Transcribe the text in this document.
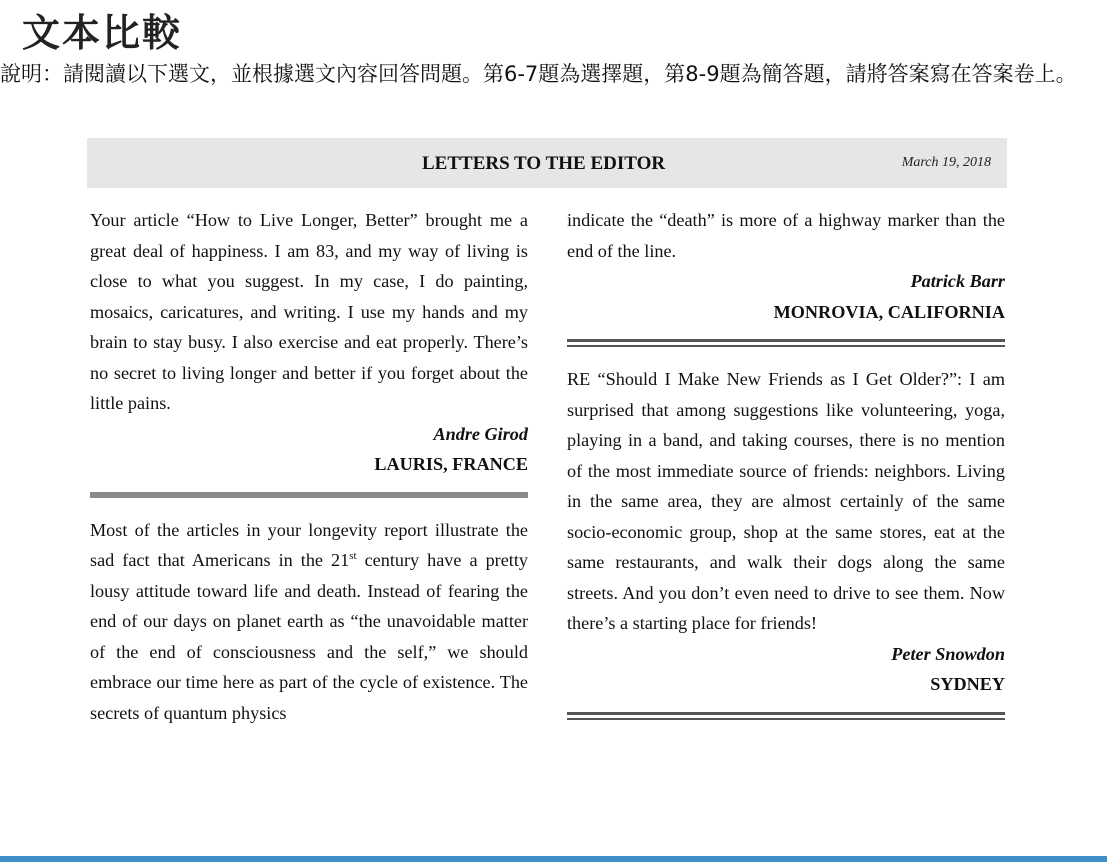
文本比較
說明：請閱讀以下選文，並根據選文內容回答問題。第6-7題為選擇題，第8-9題為簡答題，請將答案寫在答案卷上。
LETTERS TO THE EDITOR	March 19, 2018

Your article “How to Live Longer, Better” brought me a great deal of happiness. I am 83, and my way of living is close to what you suggest. In my case, I do painting, mosaics, caricatures, and writing. I use my hands and my brain to stay busy. I also exercise and eat properly. There’s no secret to living longer and better if you forget about the little pains.

Andre Girod
LAURIS, FRANCE

Most of the articles in your longevity report illustrate the sad fact that Americans in the 21st century have a pretty lousy attitude toward life and death. Instead of fearing the end of our days on planet earth as “the unavoidable matter of the end of consciousness and the self,” we should embrace our time here as part of the cycle of existence. The secrets of quantum physics

indicate the “death” is more of a highway marker than the end of the line.

Patrick Barr
MONROVIA, CALIFORNIA

RE “Should I Make New Friends as I Get Older?”: I am surprised that among suggestions like volunteering, yoga, playing in a band, and taking courses, there is no mention of the most immediate source of friends: neighbors. Living in the same area, they are almost certainly of the same socio-economic group, shop at the same stores, eat at the same restaurants, and walk their dogs along the same streets. And you don’t even need to drive to see them. Now there’s a starting place for friends!

Peter Snowdon
SYDNEY
